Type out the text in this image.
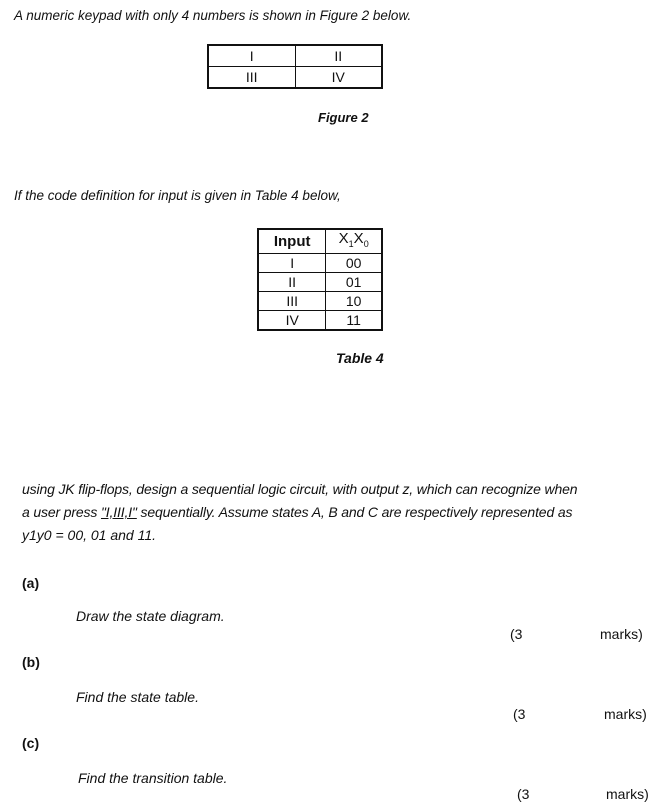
A numeric keypad with only 4 numbers is shown in Figure 2 below.
I	II
III	IV
Figure 2
If the code definition for input is given in Table 4 below,
Input	$X_1X_0$
I	00
II	01
III	10
IV	11
Table 4
using JK flip-flops, design a sequential logic circuit, with output z, which can recognize when
a user press "I,III,I" sequentially. Assume states A, B and C are respectively represented as
y1y0 = 00, 01 and 11.
(a)
Draw the state diagram.
(3	marks)
(b)
Find the state table.
(3	marks)
(c)
Find the transition table.
(3	marks)
